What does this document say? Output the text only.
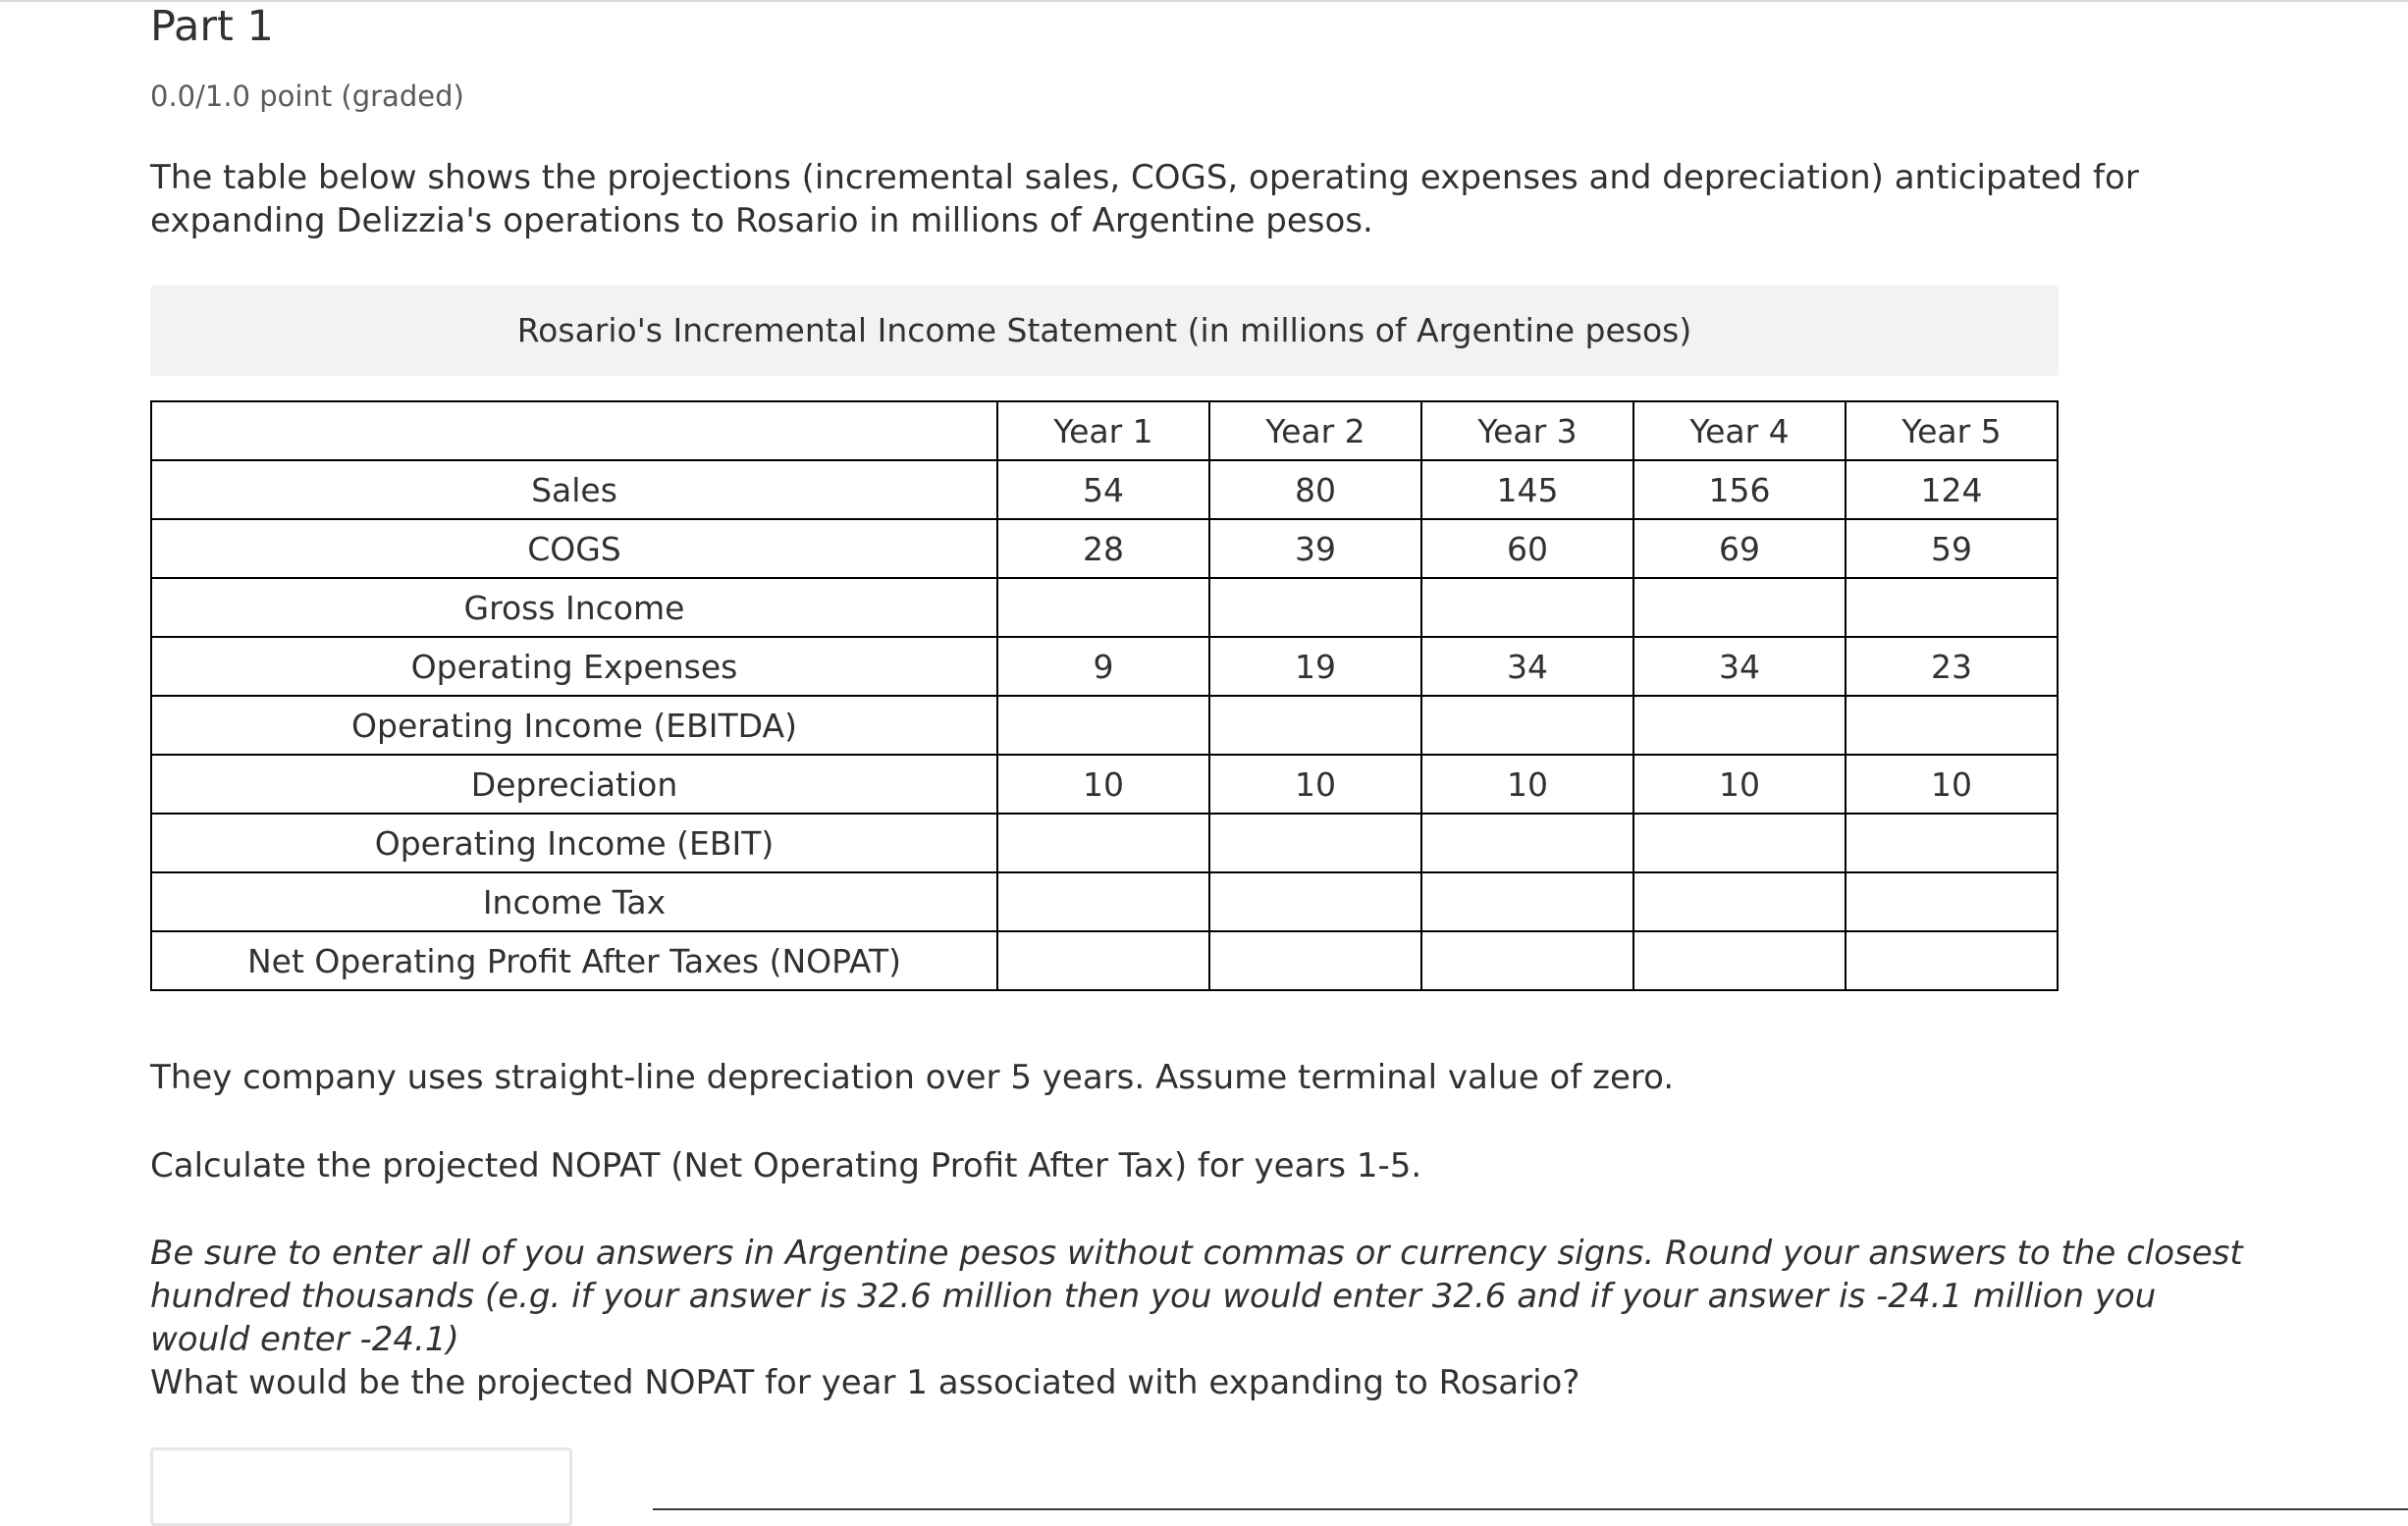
Part 1
0.0/1.0 point (graded)

The table below shows the projections (incremental sales, COGS, operating expenses and depreciation) anticipated for expanding Delizzia's operations to Rosario in millions of Argentine pesos.

Rosario's Incremental Income Statement (in millions of Argentine pesos)
	Year 1	Year 2	Year 3	Year 4	Year 5
Sales	54	80	145	156	124
COGS	28	39	60	69	59
Gross Income					
Operating Expenses	9	19	34	34	23
Operating Income (EBITDA)					
Depreciation	10	10	10	10	10
Operating Income (EBIT)					
Income Tax					
Net Operating Profit After Taxes (NOPAT)					

They company uses straight-line depreciation over 5 years. Assume terminal value of zero.

Calculate the projected NOPAT (Net Operating Profit After Tax) for years 1-5.

Be sure to enter all of you answers in Argentine pesos without commas or currency signs. Round your answers to the closest hundred thousands (e.g. if your answer is 32.6 million then you would enter 32.6 and if your answer is -24.1 million you would enter -24.1)

What would be the projected NOPAT for year 1 associated with expanding to Rosario?
